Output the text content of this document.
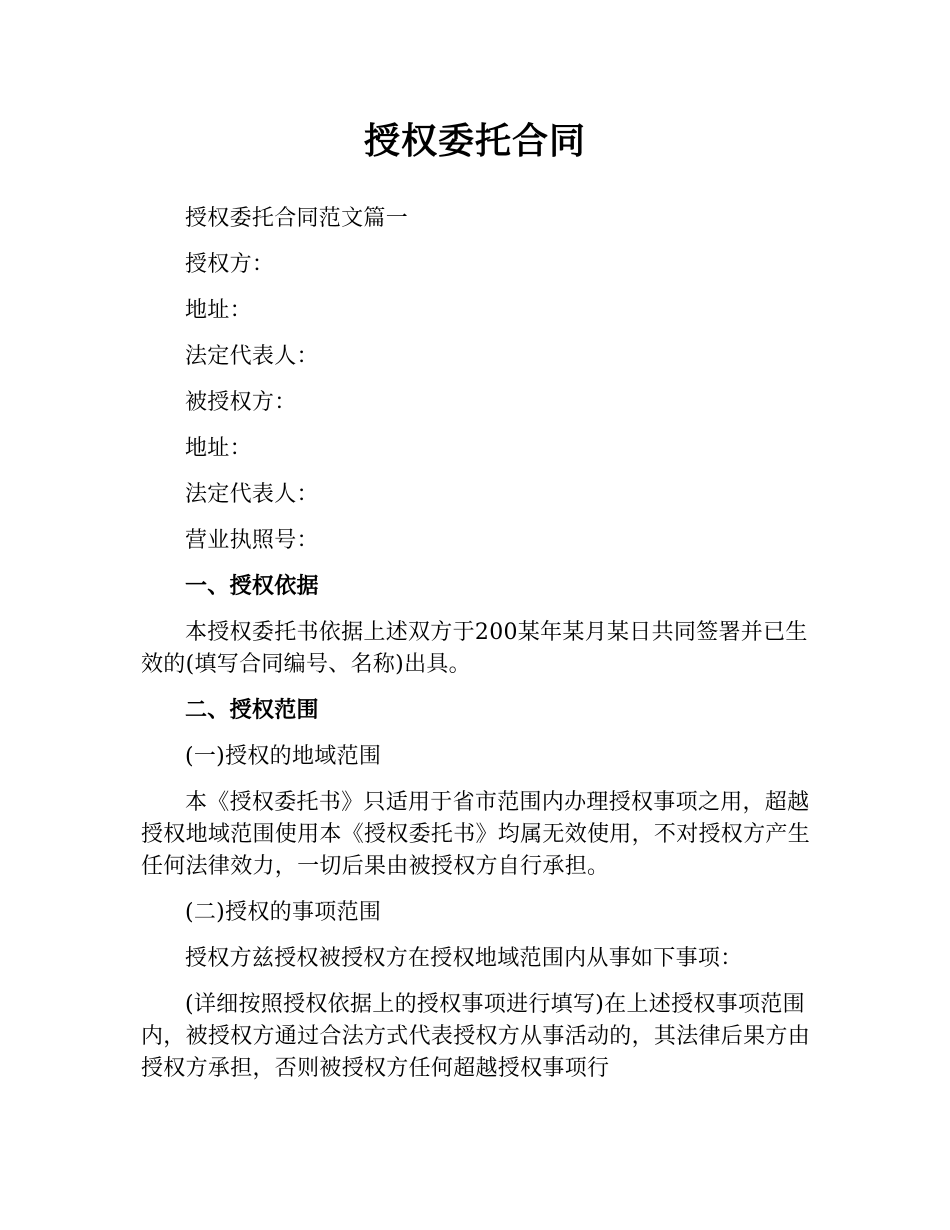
授权委托合同

授权委托合同范文篇一

授权方：

地址：

法定代表人：

被授权方：

地址：

法定代表人：

营业执照号：

一、授权依据

本授权委托书依据上述双方于200某年某月某日共同签署并已生效的(填写合同编号、名称)出具。

二、授权范围

(一)授权的地域范围

本《授权委托书》只适用于省市范围内办理授权事项之用，超越授权地域范围使用本《授权委托书》均属无效使用，不对授权方产生任何法律效力，一切后果由被授权方自行承担。

(二)授权的事项范围

授权方兹授权被授权方在授权地域范围内从事如下事项：

(详细按照授权依据上的授权事项进行填写)在上述授权事项范围内，被授权方通过合法方式代表授权方从事活动的，其法律后果方由授权方承担，否则被授权方任何超越授权事项行
